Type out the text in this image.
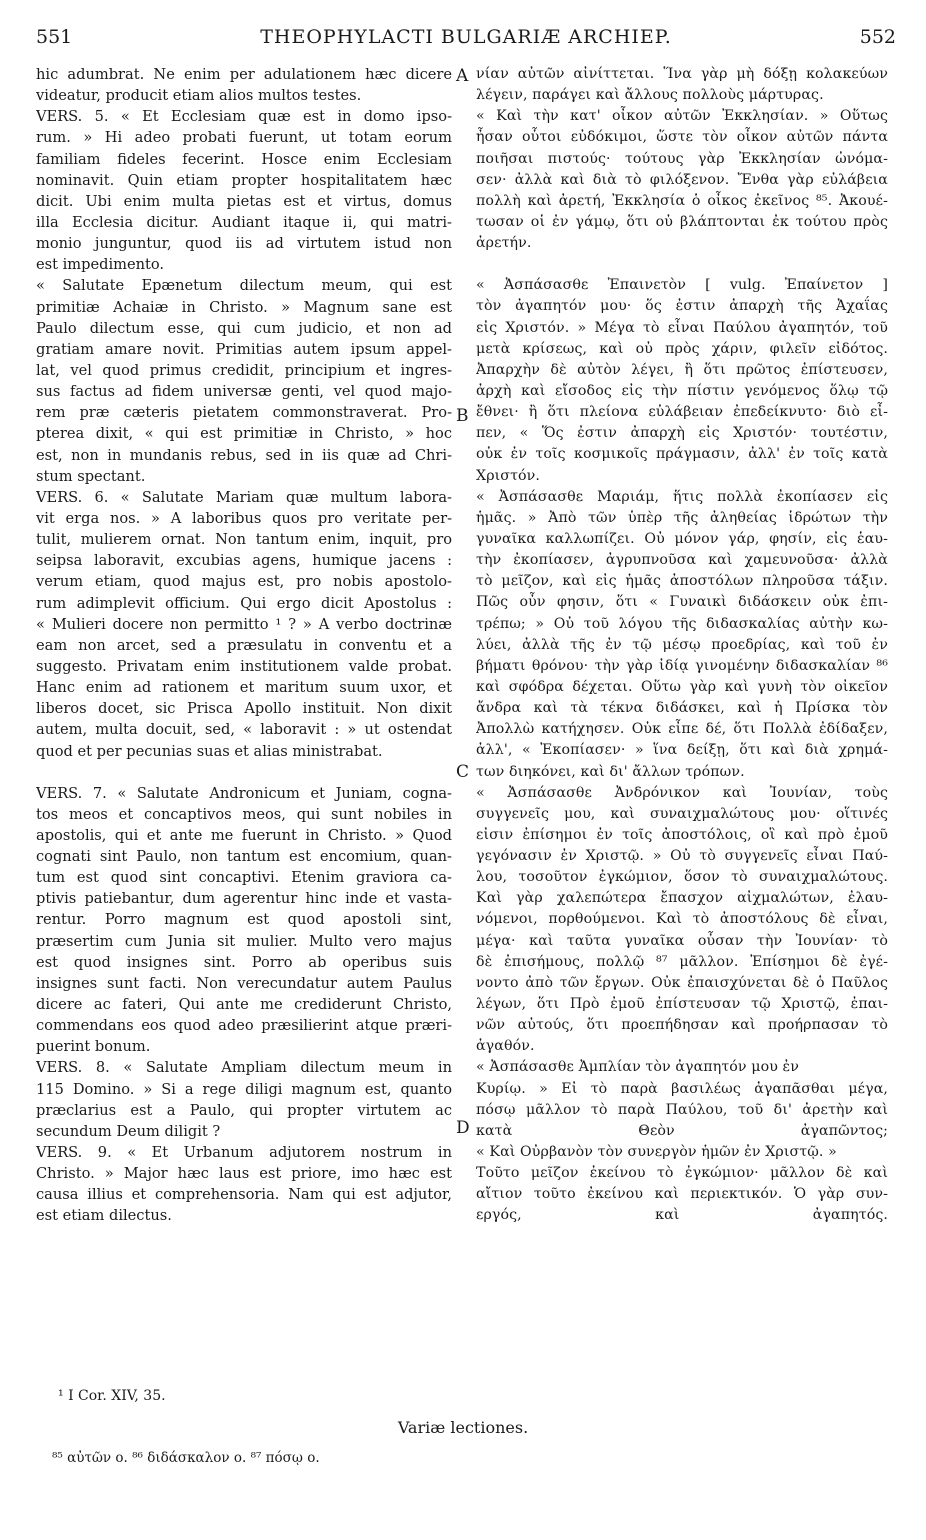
551	THEOPHYLACTI BULGARIÆ ARCHIEP.	552
hic adumbrat. Ne enim per adulationem hæc dicere
videatur, producit etiam alios multos testes.
VERS. 5. « Et Ecclesiam quæ est in domo ipso-
rum. » Hi adeo probati fuerunt, ut totam eorum
familiam fideles fecerint. Hosce enim Ecclesiam
nominavit. Quin etiam propter hospitalitatem hæc
dicit. Ubi enim multa pietas est et virtus, domus
illa Ecclesia dicitur. Audiant itaque ii, qui matri-
monio junguntur, quod iis ad virtutem istud non
est impedimento.
« Salutate Epænetum dilectum meum, qui est
primitiæ Achaiæ in Christo. » Magnum sane est
Paulo dilectum esse, qui cum judicio, et non ad
gratiam amare novit. Primitias autem ipsum appel-
lat, vel quod primus credidit, principium et ingres-
sus factus ad fidem universæ genti, vel quod majo-
rem præ cæteris pietatem commonstraverat. Pro-
pterea dixit, « qui est primitiæ in Christo, » hoc
est, non in mundanis rebus, sed in iis quæ ad Chri-
stum spectant.
VERS. 6. « Salutate Mariam quæ multum labora-
vit erga nos. » A laboribus quos pro veritate per-
tulit, mulierem ornat. Non tantum enim, inquit, pro
seipsa laboravit, excubias agens, humique jacens :
verum etiam, quod majus est, pro nobis apostolo-
rum adimplevit officium. Qui ergo dicit Apostolus :
« Mulieri docere non permitto ¹ ? » A verbo doctrinæ
eam non arcet, sed a præsulatu in conventu et a
suggesto. Privatam enim institutionem valde probat.
Hanc enim ad rationem et maritum suum uxor, et
liberos docet, sic Prisca Apollo instituit. Non dixit
autem, multa docuit, sed, « laboravit : » ut ostendat
quod et per pecunias suas et alias ministrabat.
VERS. 7. « Salutate Andronicum et Juniam, cogna-
tos meos et concaptivos meos, qui sunt nobiles in
apostolis, qui et ante me fuerunt in Christo. » Quod
cognati sint Paulo, non tantum est encomium, quan-
tum est quod sint concaptivi. Etenim graviora ca-
ptivis patiebantur, dum agerentur hinc inde et vasta-
rentur. Porro magnum est quod apostoli sint,
præsertim cum Junia sit mulier. Multo vero majus
est quod insignes sint. Porro ab operibus suis
insignes sunt facti. Non verecundatur autem Paulus
dicere ac fateri, Qui ante me crediderunt Christo,
commendans eos quod adeo præsilierint atque præri-
puerint bonum.
VERS. 8. « Salutate Ampliam dilectum meum in
115 Domino. » Si a rege diligi magnum est, quanto
præclarius est a Paulo, qui propter virtutem ac
secundum Deum diligit ?
VERS. 9. « Et Urbanum adjutorem nostrum in
Christo. » Major hæc laus est priore, imo hæc est
causa illius et comprehensoria. Nam qui est adjutor,
est etiam dilectus.
νίαν αὐτῶν αἰνίττεται. Ἵνα γὰρ μὴ δόξῃ κολακεύων
λέγειν, παράγει καὶ ἄλλους πολλοὺς μάρτυρας.
« Καὶ τὴν κατ' οἶκον αὐτῶν Ἐκκλησίαν. » Οὕτως
ἦσαν οὗτοι εὐδόκιμοι, ὥστε τὸν οἶκον αὐτῶν πάντα
ποιῆσαι πιστούς· τούτους γὰρ Ἐκκλησίαν ὠνόμα-
σεν· ἀλλὰ καὶ διὰ τὸ φιλόξενον. Ἔνθα γὰρ εὐλάβεια
πολλὴ καὶ ἀρετή, Ἐκκλησία ὁ οἶκος ἐκεῖνος ⁸⁵. Ἀκουέ-
τωσαν οἱ ἐν γάμῳ, ὅτι οὐ βλάπτονται ἐκ τούτου πρὸς
ἀρετήν.
« Ἀσπάσασθε Ἐπαινετὸν [ vulg. Ἐπαίνετον ]
τὸν ἀγαπητόν μου· ὅς ἐστιν ἀπαρχὴ τῆς Ἀχαΐας
εἰς Χριστόν. » Μέγα τὸ εἶναι Παύλου ἀγαπητόν, τοῦ
μετὰ κρίσεως, καὶ οὐ πρὸς χάριν, φιλεῖν εἰδότος.
Ἀπαρχὴν δὲ αὐτὸν λέγει, ἢ ὅτι πρῶτος ἐπίστευσεν,
ἀρχὴ καὶ εἴσοδος εἰς τὴν πίστιν γενόμενος ὅλῳ τῷ
ἔθνει· ἢ ὅτι πλείονα εὐλάβειαν ἐπεδείκνυτο· διὸ εἶ-
πεν, « Ὅς ἐστιν ἀπαρχὴ εἰς Χριστόν· τουτέστιν,
οὐκ ἐν τοῖς κοσμικοῖς πράγμασιν, ἀλλ' ἐν τοῖς κατὰ
Χριστόν.
« Ἀσπάσασθε Μαριάμ, ἥτις πολλὰ ἐκοπίασεν εἰς
ἡμᾶς. » Ἀπὸ τῶν ὑπὲρ τῆς ἀληθείας ἱδρώτων τὴν
γυναῖκα καλλωπίζει. Οὐ μόνον γάρ, φησίν, εἰς ἑαυ-
τὴν ἐκοπίασεν, ἀγρυπνοῦσα καὶ χαμευνοῦσα· ἀλλὰ
τὸ μεῖζον, καὶ εἰς ἡμᾶς ἀποστόλων πληροῦσα τάξιν.
Πῶς οὖν φησιν, ὅτι « Γυναικὶ διδάσκειν οὐκ ἐπι-
τρέπω; » Οὐ τοῦ λόγου τῆς διδασκαλίας αὐτὴν κω-
λύει, ἀλλὰ τῆς ἐν τῷ μέσῳ προεδρίας, καὶ τοῦ ἐν
βήματι θρόνου· τὴν γὰρ ἰδίᾳ γινομένην διδασκαλίαν ⁸⁶
καὶ σφόδρα δέχεται. Οὕτω γὰρ καὶ γυνὴ τὸν οἰκεῖον
ἄνδρα καὶ τὰ τέκνα διδάσκει, καὶ ἡ Πρίσκα τὸν
Ἀπολλὼ κατήχησεν. Οὐκ εἶπε δέ, ὅτι Πολλὰ ἐδίδαξεν,
ἀλλ', « Ἐκοπίασεν· » ἵνα δείξῃ, ὅτι καὶ διὰ χρημά-
των διηκόνει, καὶ δι' ἄλλων τρόπων.
« Ἀσπάσασθε Ἀνδρόνικον καὶ Ἰουνίαν, τοὺς
συγγενεῖς μου, καὶ συναιχμαλώτους μου· οἵτινές
εἰσιν ἐπίσημοι ἐν τοῖς ἀποστόλοις, οἳ καὶ πρὸ ἐμοῦ
γεγόνασιν ἐν Χριστῷ. » Οὐ τὸ συγγενεῖς εἶναι Παύ-
λου, τοσοῦτον ἐγκώμιον, ὅσον τὸ συναιχμαλώτους.
Καὶ γὰρ χαλεπώτερα ἔπασχον αἰχμαλώτων, ἐλαυ-
νόμενοι, πορθούμενοι. Καὶ τὸ ἀποστόλους δὲ εἶναι,
μέγα· καὶ ταῦτα γυναῖκα οὖσαν τὴν Ἰουνίαν· τὸ
δὲ ἐπισήμους, πολλῷ ⁸⁷ μᾶλλον. Ἐπίσημοι δὲ ἐγέ-
νοντο ἀπὸ τῶν ἔργων. Οὐκ ἐπαισχύνεται δὲ ὁ Παῦλος
λέγων, ὅτι Πρὸ ἐμοῦ ἐπίστευσαν τῷ Χριστῷ, ἐπαι-
νῶν αὐτούς, ὅτι προεπήδησαν καὶ προήρπασαν τὸ
ἀγαθόν.
« Ἀσπάσασθε Ἀμπλίαν τὸν ἀγαπητόν μου ἐν
Κυρίῳ. » Εἰ τὸ παρὰ βασιλέως ἀγαπᾶσθαι μέγα,
πόσῳ μᾶλλον τὸ παρὰ Παύλου, τοῦ δι' ἀρετὴν καὶ
κατὰ Θεὸν ἀγαπῶντος;
« Καὶ Οὐρβανὸν τὸν συνεργὸν ἡμῶν ἐν Χριστῷ. »
Τοῦτο μεῖζον ἐκείνου τὸ ἐγκώμιον· μᾶλλον δὲ καὶ
αἴτιον τοῦτο ἐκείνου καὶ περιεκτικόν. Ὁ γὰρ συν-
εργός, καὶ ἀγαπητός.
A
B
C
D
¹ I Cor. XIV, 35.
Variæ lectiones.
⁸⁵ αὐτῶν ο. ⁸⁶ διδάσκαλον ο. ⁸⁷ πόσῳ ο.
